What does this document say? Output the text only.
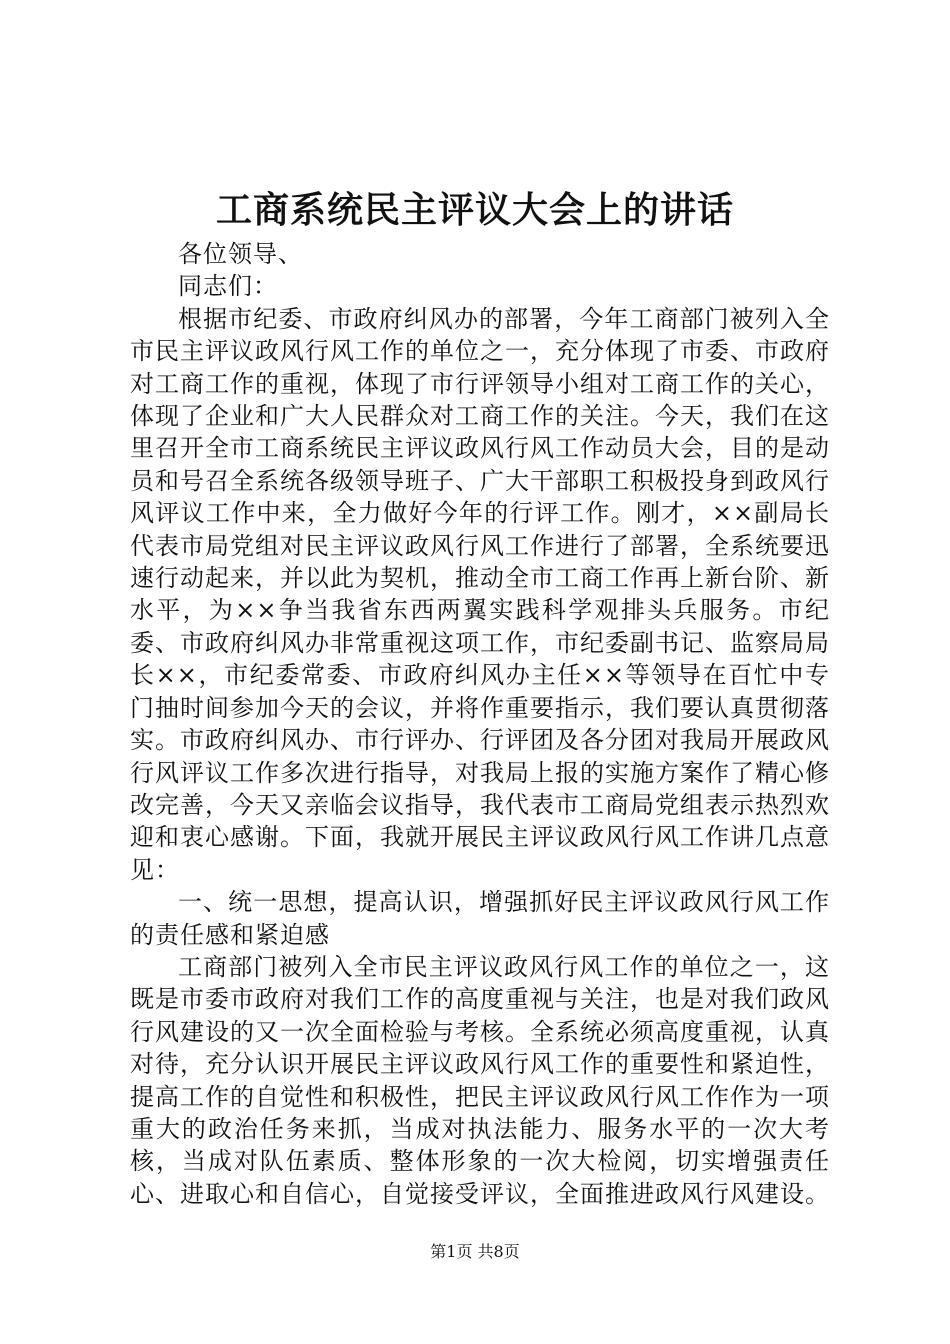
工商系统民主评议大会上的讲话

各位领导、

同志们：

根据市纪委、市政府纠风办的部署，今年工商部门被列入全市民主评议政风行风工作的单位之一，充分体现了市委、市政府对工商工作的重视，体现了市行评领导小组对工商工作的关心，体现了企业和广大人民群众对工商工作的关注。今天，我们在这里召开全市工商系统民主评议政风行风工作动员大会，目的是动员和号召全系统各级领导班子、广大干部职工积极投身到政风行风评议工作中来，全力做好今年的行评工作。刚才，××副局长代表市局党组对民主评议政风行风工作进行了部署，全系统要迅速行动起来，并以此为契机，推动全市工商工作再上新台阶、新水平，为××争当我省东西两翼实践科学观排头兵服务。市纪委、市政府纠风办非常重视这项工作，市纪委副书记、监察局局长××，市纪委常委、市政府纠风办主任××等领导在百忙中专门抽时间参加今天的会议，并将作重要指示，我们要认真贯彻落实。市政府纠风办、市行评办、行评团及各分团对我局开展政风行风评议工作多次进行指导，对我局上报的实施方案作了精心修改完善，今天又亲临会议指导，我代表市工商局党组表示热烈欢迎和衷心感谢。下面，我就开展民主评议政风行风工作讲几点意见：

一、统一思想，提高认识，增强抓好民主评议政风行风工作的责任感和紧迫感

工商部门被列入全市民主评议政风行风工作的单位之一，这既是市委市政府对我们工作的高度重视与关注，也是对我们政风行风建设的又一次全面检验与考核。全系统必须高度重视，认真对待，充分认识开展民主评议政风行风工作的重要性和紧迫性，提高工作的自觉性和积极性，把民主评议政风行风工作作为一项重大的政治任务来抓，当成对执法能力、服务水平的一次大考核，当成对队伍素质、整体形象的一次大检阅，切实增强责任心、进取心和自信心，自觉接受评议，全面推进政风行风建设。

第1页 共8页
